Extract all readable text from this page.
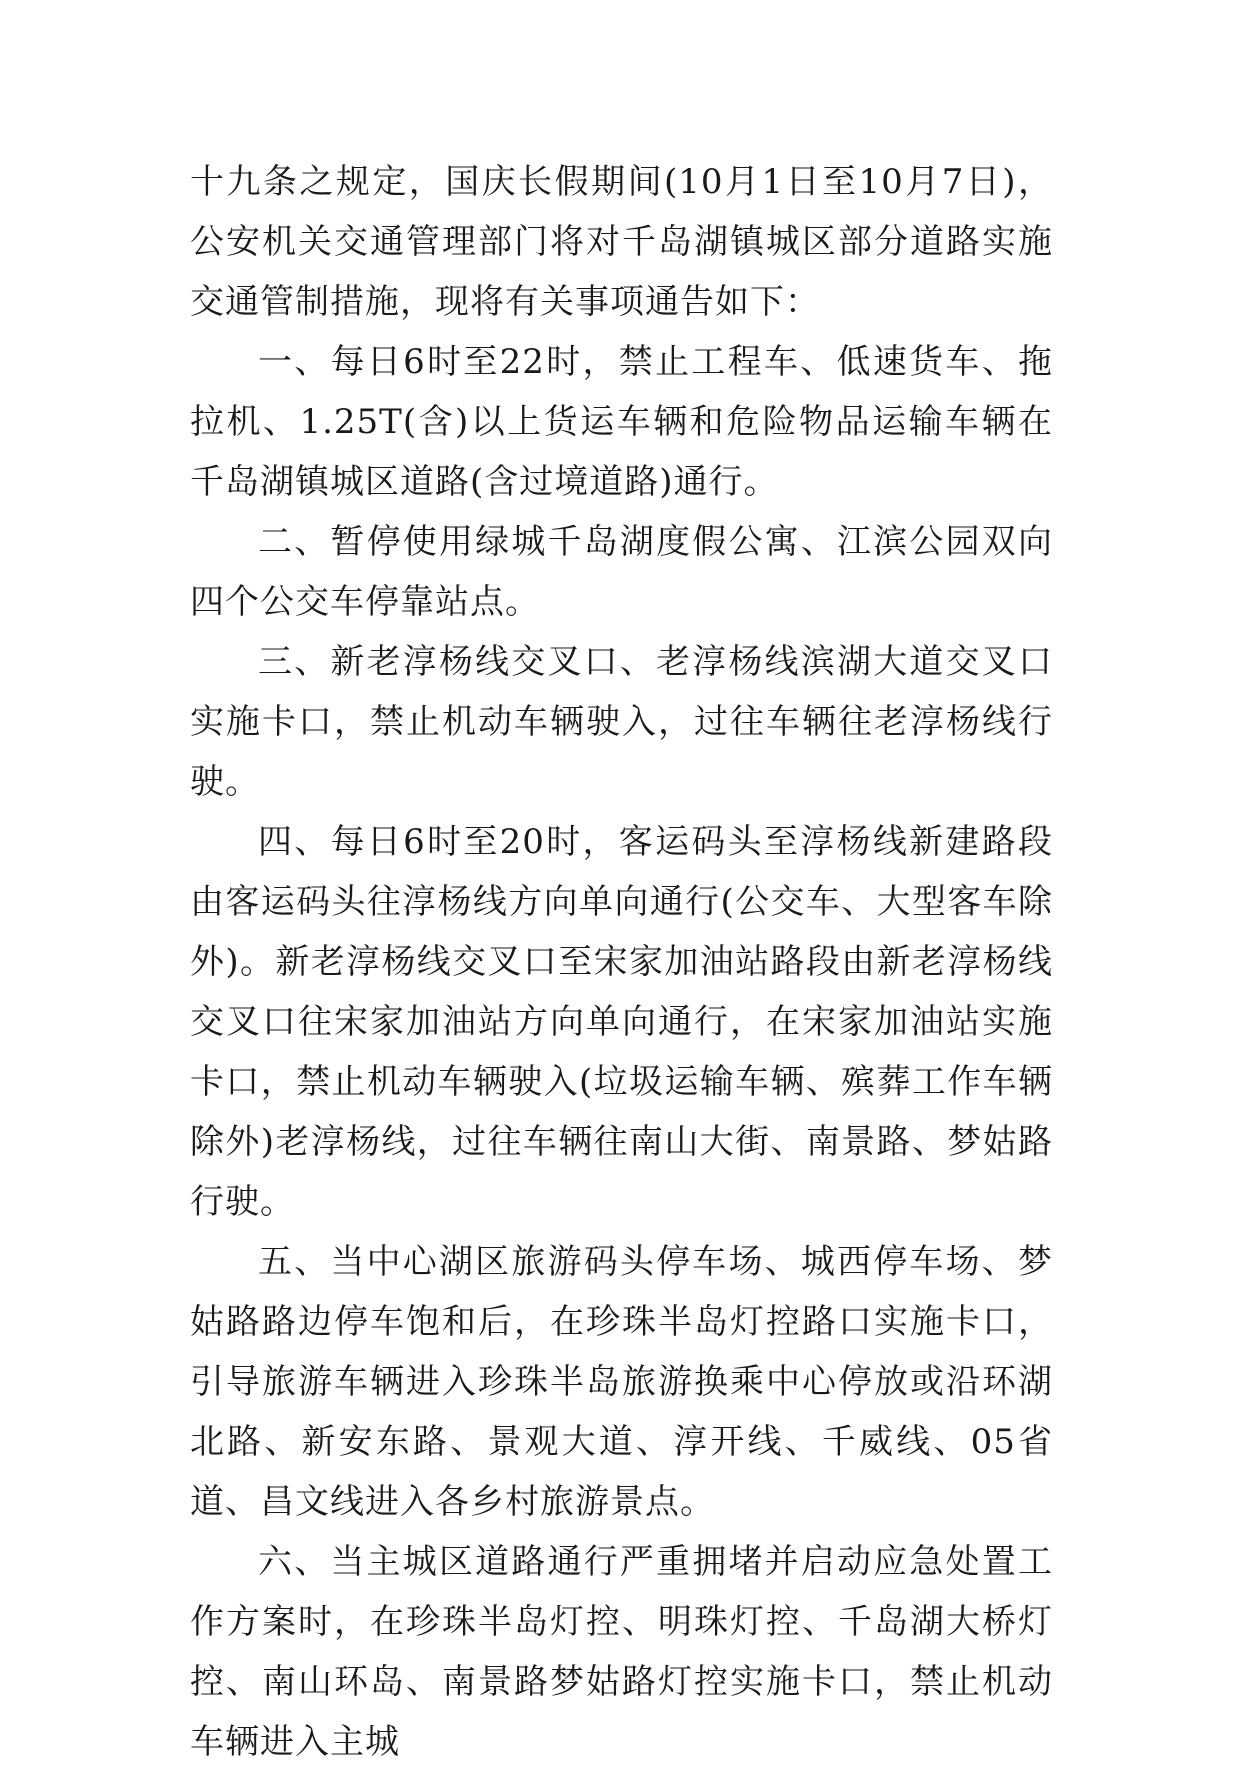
十九条之规定，国庆长假期间(10月1日至10月7日)，公安机关交通管理部门将对千岛湖镇城区部分道路实施交通管制措施，现将有关事项通告如下：

一、每日6时至22时，禁止工程车、低速货车、拖拉机、1.25T(含)以上货运车辆和危险物品运输车辆在千岛湖镇城区道路(含过境道路)通行。

二、暂停使用绿城千岛湖度假公寓、江滨公园双向四个公交车停靠站点。

三、新老淳杨线交叉口、老淳杨线滨湖大道交叉口实施卡口，禁止机动车辆驶入，过往车辆往老淳杨线行驶。

四、每日6时至20时，客运码头至淳杨线新建路段由客运码头往淳杨线方向单向通行(公交车、大型客车除外)。新老淳杨线交叉口至宋家加油站路段由新老淳杨线交叉口往宋家加油站方向单向通行，在宋家加油站实施卡口，禁止机动车辆驶入(垃圾运输车辆、殡葬工作车辆除外)老淳杨线，过往车辆往南山大街、南景路、梦姑路行驶。

五、当中心湖区旅游码头停车场、城西停车场、梦姑路路边停车饱和后，在珍珠半岛灯控路口实施卡口，引导旅游车辆进入珍珠半岛旅游换乘中心停放或沿环湖北路、新安东路、景观大道、淳开线、千威线、05省道、昌文线进入各乡村旅游景点。

六、当主城区道路通行严重拥堵并启动应急处置工作方案时，在珍珠半岛灯控、明珠灯控、千岛湖大桥灯控、南山环岛、南景路梦姑路灯控实施卡口，禁止机动车辆进入主城
